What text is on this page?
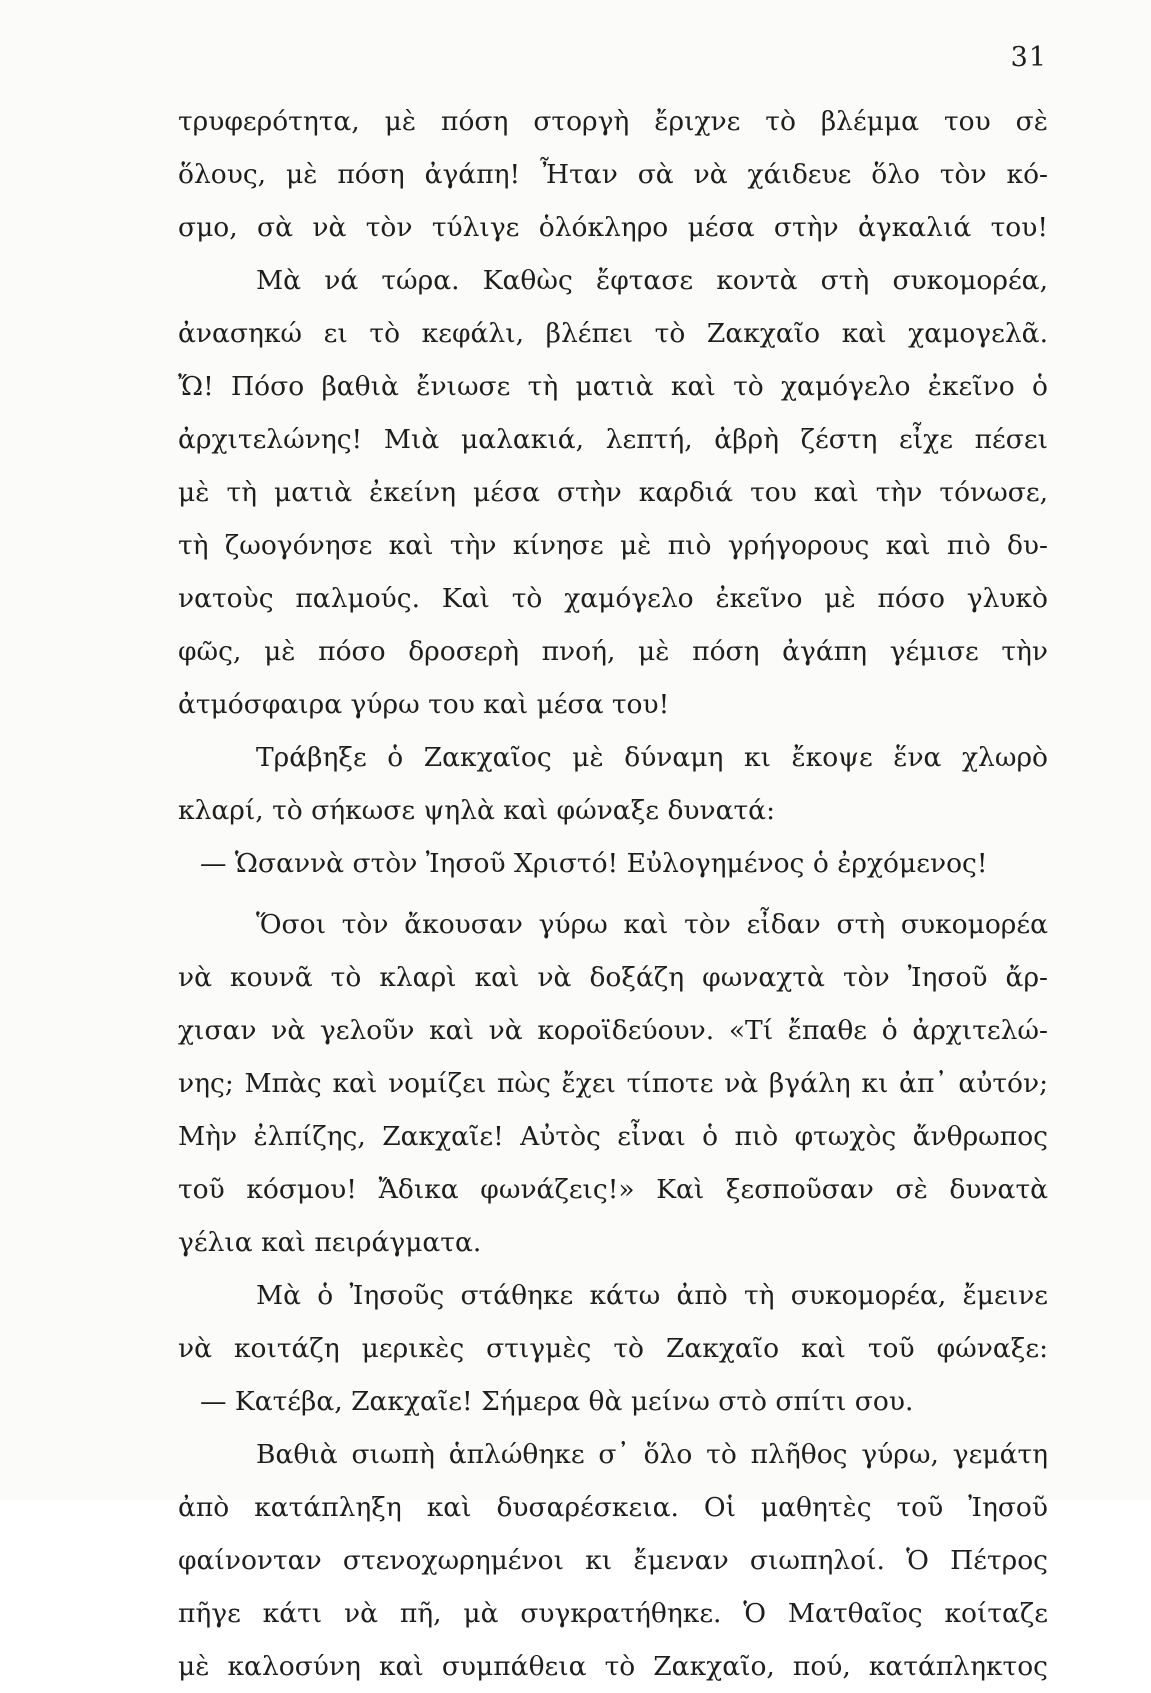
31
τρυφερότητα, μὲ πόση στοργὴ ἔριχνε τὸ βλέμμα του σὲ
ὅλους, μὲ πόση ἀγάπη! Ἦταν σὰ νὰ χάιδευε ὅλο τὸν κό-
σμο, σὰ νὰ τὸν τύλιγε ὁλόκληρο μέσα στὴν ἀγκαλιά του!
Μὰ νά τώρα. Καθὼς ἔφτασε κοντὰ στὴ συκομορέα,
ἀνασηκώ ει τὸ κεφάλι, βλέπει τὸ Ζακχαῖο καὶ χαμογελᾶ.
Ὤ! Πόσο βαθιὰ ἔνιωσε τὴ ματιὰ καὶ τὸ χαμόγελο ἐκεῖνο ὁ
ἀρχιτελώνης! Μιὰ μαλακιά, λεπτή, ἀβρὴ ζέστη εἶχε πέσει
μὲ τὴ ματιὰ ἐκείνη μέσα στὴν καρδιά του καὶ τὴν τόνωσε,
τὴ ζωογόνησε καὶ τὴν κίνησε μὲ πιὸ γρήγορους καὶ πιὸ δυ-
νατοὺς παλμούς. Καὶ τὸ χαμόγελο ἐκεῖνο μὲ πόσο γλυκὸ
φῶς, μὲ πόσο δροσερὴ πνοή, μὲ πόση ἀγάπη γέμισε τὴν
ἀτμόσφαιρα γύρω του καὶ μέσα του!
Τράβηξε ὁ Ζακχαῖος μὲ δύναμη κι ἔκοψε ἕνα χλωρὸ
κλαρί, τὸ σήκωσε ψηλὰ καὶ φώναξε δυνατά:
— Ὡσαννὰ στὸν Ἰησοῦ Χριστό! Εὐλογημένος ὁ ἐρχόμενος!
Ὅσοι τὸν ἄκουσαν γύρω καὶ τὸν εἶδαν στὴ συκομορέα
νὰ κουνᾶ τὸ κλαρὶ καὶ νὰ δοξάζη φωναχτὰ τὸν Ἰησοῦ ἄρ-
χισαν νὰ γελοῦν καὶ νὰ κοροϊδεύουν. «Τί ἔπαθε ὁ ἀρχιτελώ-
νης; Μπὰς καὶ νομίζει πὼς ἔχει τίποτε νὰ βγάλη κι ἀπ᾽ αὐτόν;
Μὴν ἐλπίζης, Ζακχαῖε! Αὐτὸς εἶναι ὁ πιὸ φτωχὸς ἄνθρωπος
τοῦ κόσμου! Ἄδικα φωνάζεις!» Καὶ ξεσποῦσαν σὲ δυνατὰ
γέλια καὶ πειράγματα.
Μὰ ὁ Ἰησοῦς στάθηκε κάτω ἀπὸ τὴ συκομορέα, ἔμεινε
νὰ κοιτάζη μερικὲς στιγμὲς τὸ Ζακχαῖο καὶ τοῦ φώναξε:
— Κατέβα, Ζακχαῖε! Σήμερα θὰ μείνω στὸ σπίτι σου.
Βαθιὰ σιωπὴ ἁπλώθηκε σ᾽ ὅλο τὸ πλῆθος γύρω, γεμάτη
ἀπὸ κατάπληξη καὶ δυσαρέσκεια. Οἱ μαθητὲς τοῦ Ἰησοῦ
φαίνονταν στενοχωρημένοι κι ἔμεναν σιωπηλοί. Ὁ Πέτρος
πῆγε κάτι νὰ πῆ, μὰ συγκρατήθηκε. Ὁ Ματθαῖος κοίταζε
μὲ καλοσύνη καὶ συμπάθεια τὸ Ζακχαῖο, πού, κατάπληκτος
